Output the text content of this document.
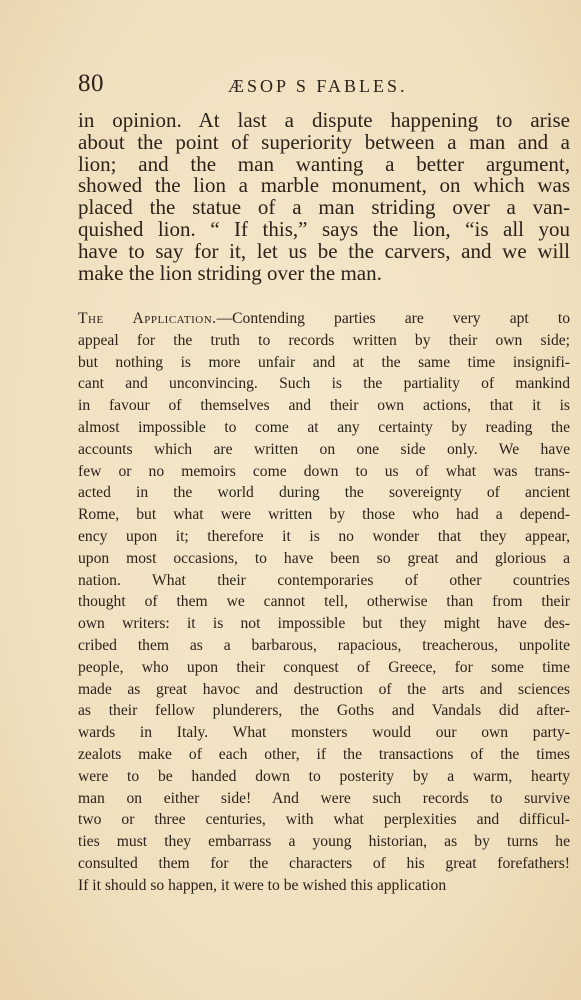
80	ÆSOP S FABLES.
in opinion. At last a dispute happening to arise
about the point of superiority between a man and a
lion; and the man wanting a better argument,
showed the lion a marble monument, on which was
placed the statue of a man striding over a van-
quished lion. “ If this,” says the lion, “is all you
have to say for it, let us be the carvers, and we will
make the lion striding over the man.
The Application.—Contending parties are very apt to
appeal for the truth to records written by their own side;
but nothing is more unfair and at the same time insignifi-
cant and unconvincing. Such is the partiality of mankind
in favour of themselves and their own actions, that it is
almost impossible to come at any certainty by reading the
accounts which are written on one side only. We have
few or no memoirs come down to us of what was trans-
acted in the world during the sovereignty of ancient
Rome, but what were written by those who had a depend-
ency upon it; therefore it is no wonder that they appear,
upon most occasions, to have been so great and glorious a
nation. What their contemporaries of other countries
thought of them we cannot tell, otherwise than from their
own writers: it is not impossible but they might have des-
cribed them as a barbarous, rapacious, treacherous, unpolite
people, who upon their conquest of Greece, for some time
made as great havoc and destruction of the arts and sciences
as their fellow plunderers, the Goths and Vandals did after-
wards in Italy. What monsters would our own party-
zealots make of each other, if the transactions of the times
were to be handed down to posterity by a warm, hearty
man on either side! And were such records to survive
two or three centuries, with what perplexities and difficul-
ties must they embarrass a young historian, as by turns he
consulted them for the characters of his great forefathers!
If it should so happen, it were to be wished this application
